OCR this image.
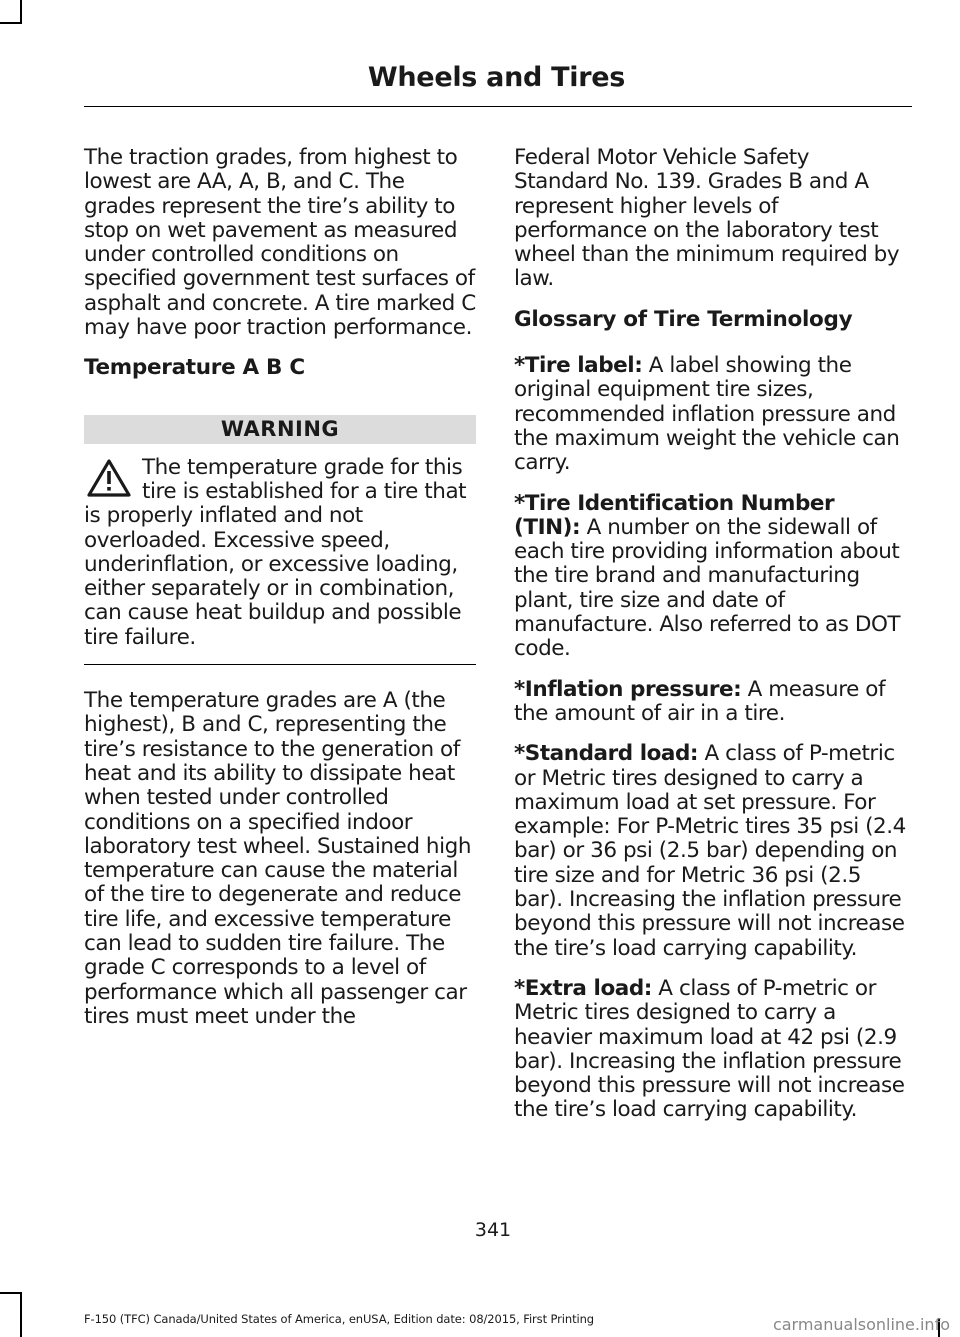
Wheels and Tires

The traction grades, from highest to lowest are AA, A, B, and C. The grades represent the tire’s ability to stop on wet pavement as measured under controlled conditions on specified government test surfaces of asphalt and concrete. A tire marked C may have poor traction performance.

Temperature A B C
WARNING

The temperature grade for this tire is established for a tire that is properly inflated and not overloaded. Excessive speed, underinflation, or excessive loading, either separately or in combination, can cause heat buildup and possible tire failure.

The temperature grades are A (the highest), B and C, representing the tire’s resistance to the generation of heat and its ability to dissipate heat when tested under controlled conditions on a specified indoor laboratory test wheel. Sustained high temperature can cause the material of the tire to degenerate and reduce tire life, and excessive temperature can lead to sudden tire failure. The grade C corresponds to a level of performance which all passenger car tires must meet under the

Federal Motor Vehicle Safety Standard No. 139. Grades B and A represent higher levels of performance on the laboratory test wheel than the minimum required by law.

Glossary of Tire Terminology

*Tire label: A label showing the original equipment tire sizes, recommended inflation pressure and the maximum weight the vehicle can carry.

*Tire Identification Number (TIN): A number on the sidewall of each tire providing information about the tire brand and manufacturing plant, tire size and date of manufacture. Also referred to as DOT code.

*Inflation pressure: A measure of the amount of air in a tire.

*Standard load: A class of P-metric or Metric tires designed to carry a maximum load at set pressure. For example: For P-Metric tires 35 psi (2.4 bar) or 36 psi (2.5 bar) depending on tire size and for Metric 36 psi (2.5 bar). Increasing the inflation pressure beyond this pressure will not increase the tire’s load carrying capability.

*Extra load: A class of P-metric or Metric tires designed to carry a heavier maximum load at 42 psi (2.9 bar). Increasing the inflation pressure beyond this pressure will not increase the tire’s load carrying capability.

341
F-150 (TFC) Canada/United States of America, enUSA, Edition date: 08/2015, First Printing	carmanualsonline.info
